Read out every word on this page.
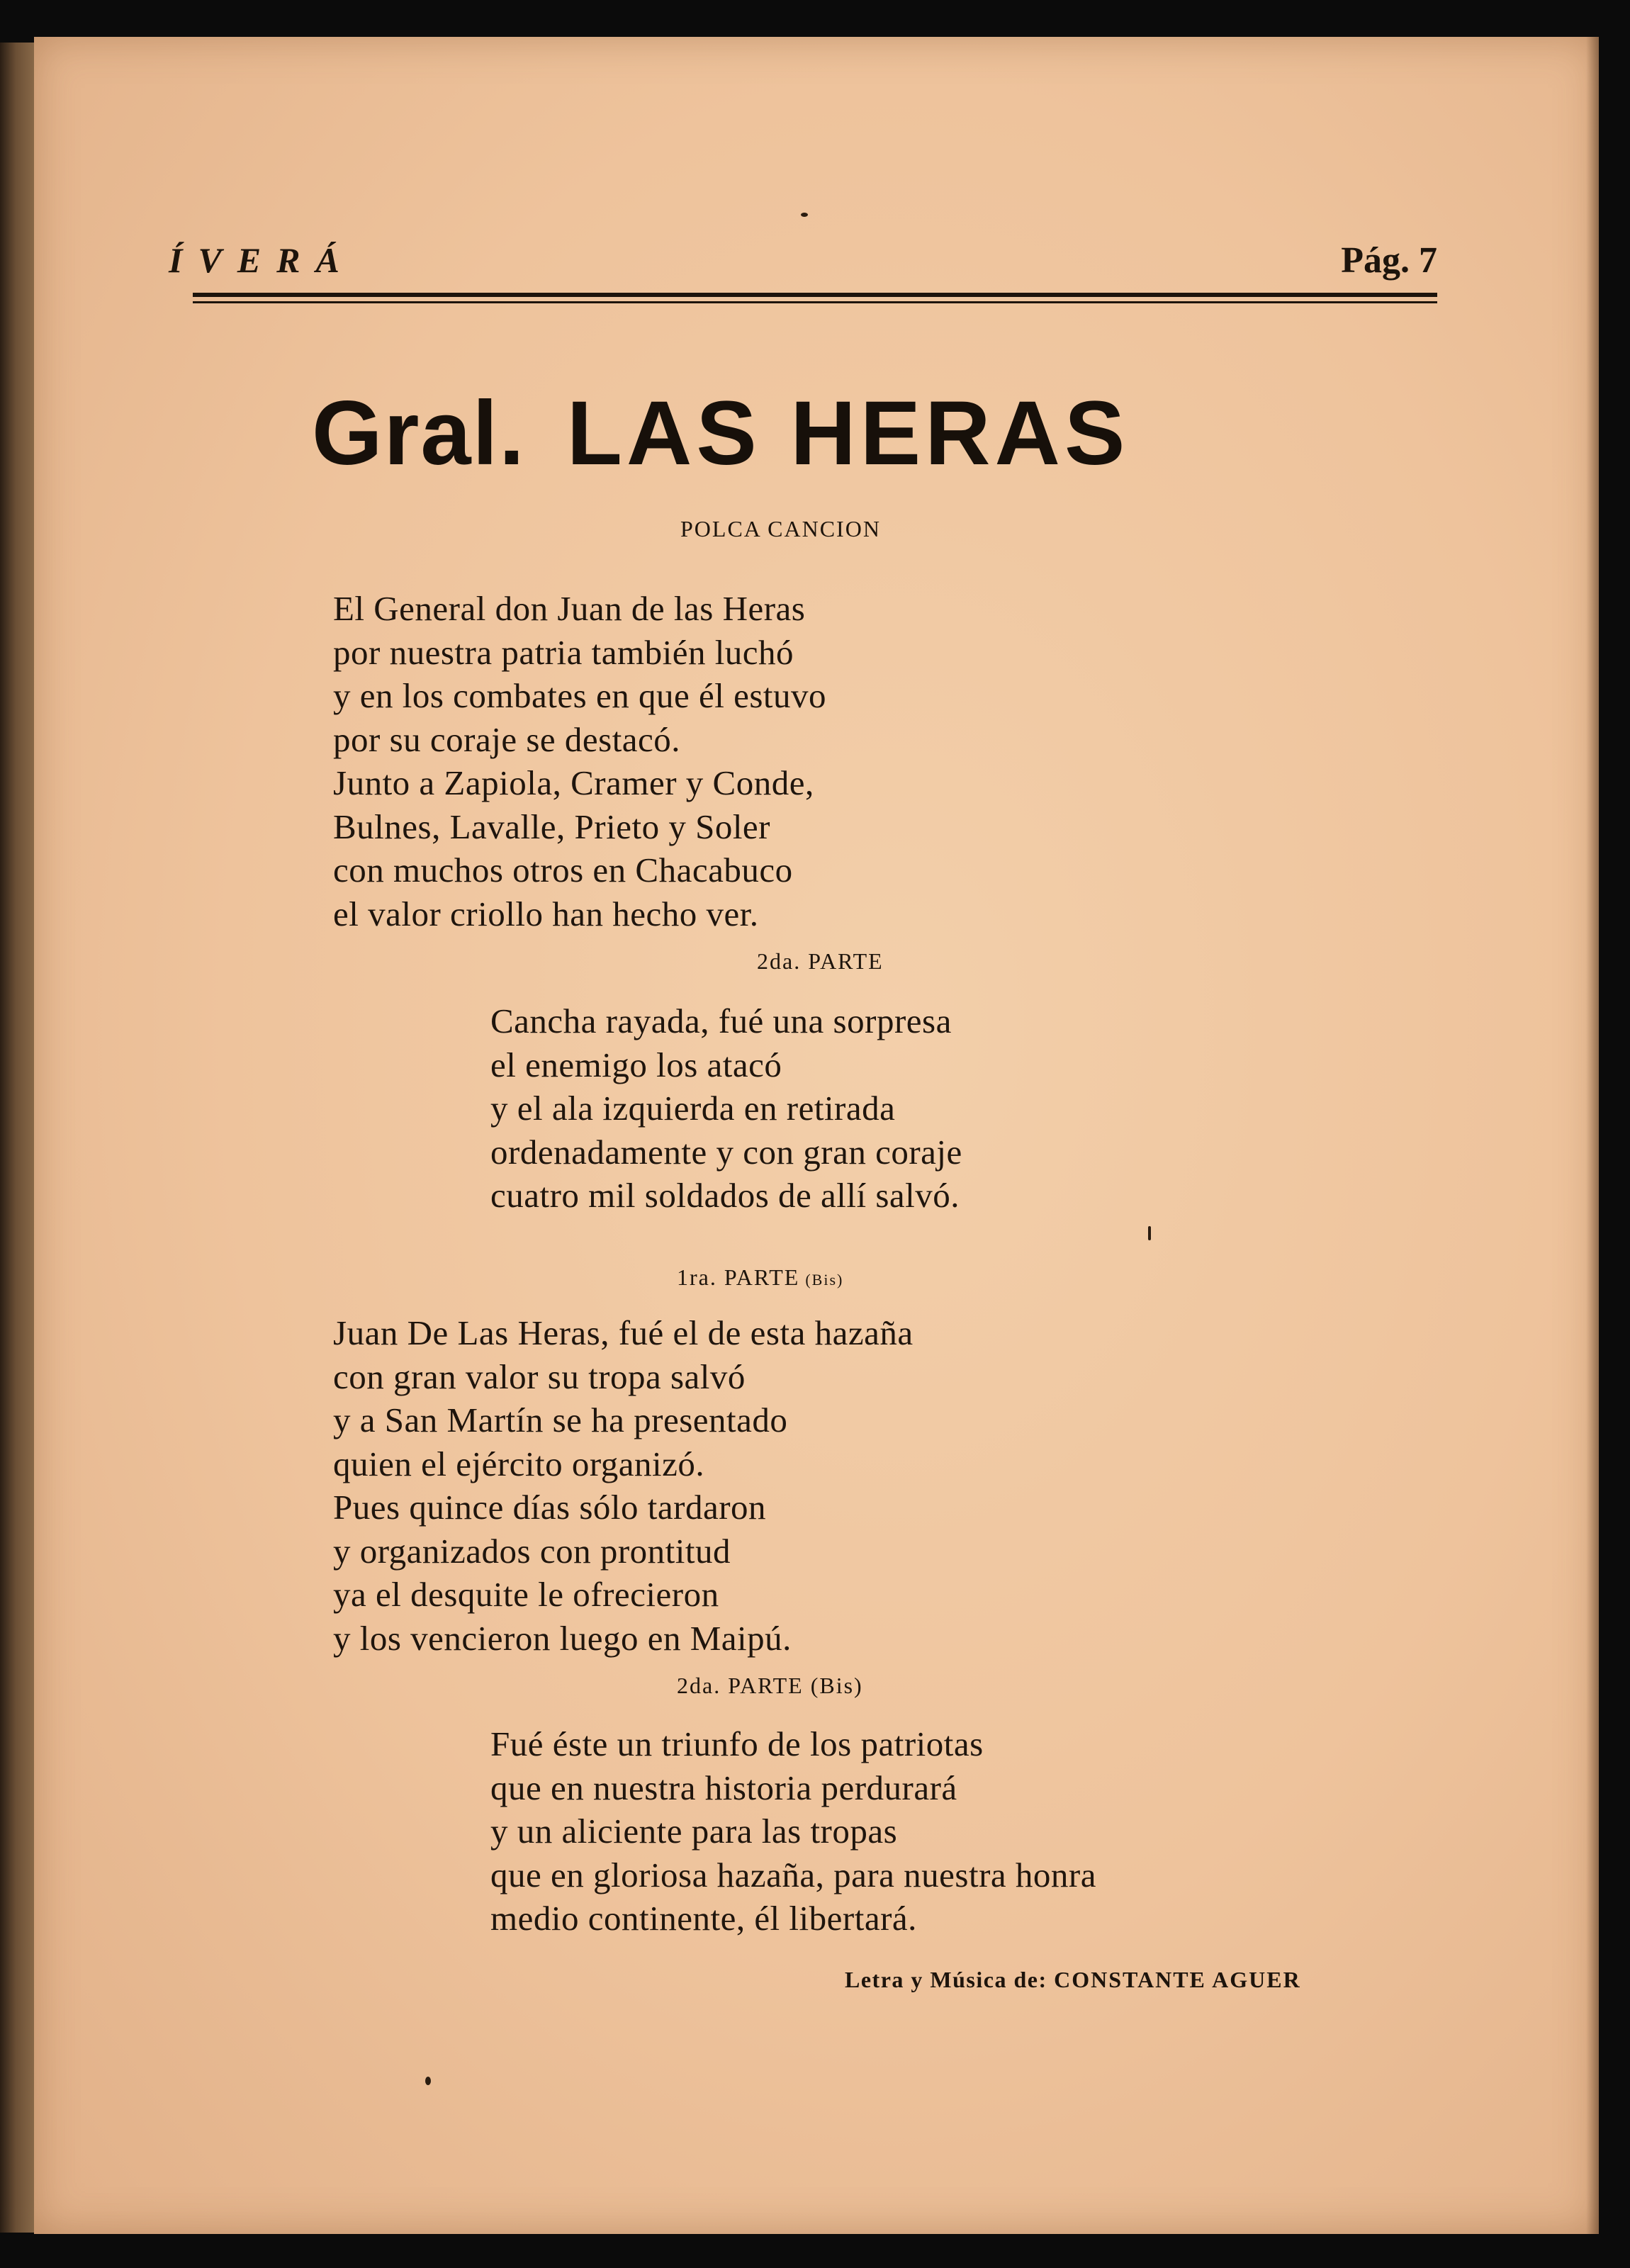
ÍVERÁ	Pág. 7
Gral. LAS HERAS
POLCA CANCION
El General don Juan de las Heras
por nuestra patria también luchó
y en los combates en que él estuvo
por su coraje se destacó.
Junto a Zapiola, Cramer y Conde,
Bulnes, Lavalle, Prieto y Soler
con muchos otros en Chacabuco
el valor criollo han hecho ver.
2da. PARTE
Cancha rayada, fué una sorpresa
el enemigo los atacó
y el ala izquierda en retirada
ordenadamente y con gran coraje
cuatro mil soldados de allí salvó.
1ra. PARTE (Bis)
Juan De Las Heras, fué el de esta hazaña
con gran valor su tropa salvó
y a San Martín se ha presentado
quien el ejército organizó.
Pues quince días sólo tardaron
y organizados con prontitud
ya el desquite le ofrecieron
y los vencieron luego en Maipú.
2da. PARTE (Bis)
Fué éste un triunfo de los patriotas
que en nuestra historia perdurará
y un aliciente para las tropas
que en gloriosa hazaña, para nuestra honra
medio continente, él libertará.
Letra y Música de: CONSTANTE AGUER
